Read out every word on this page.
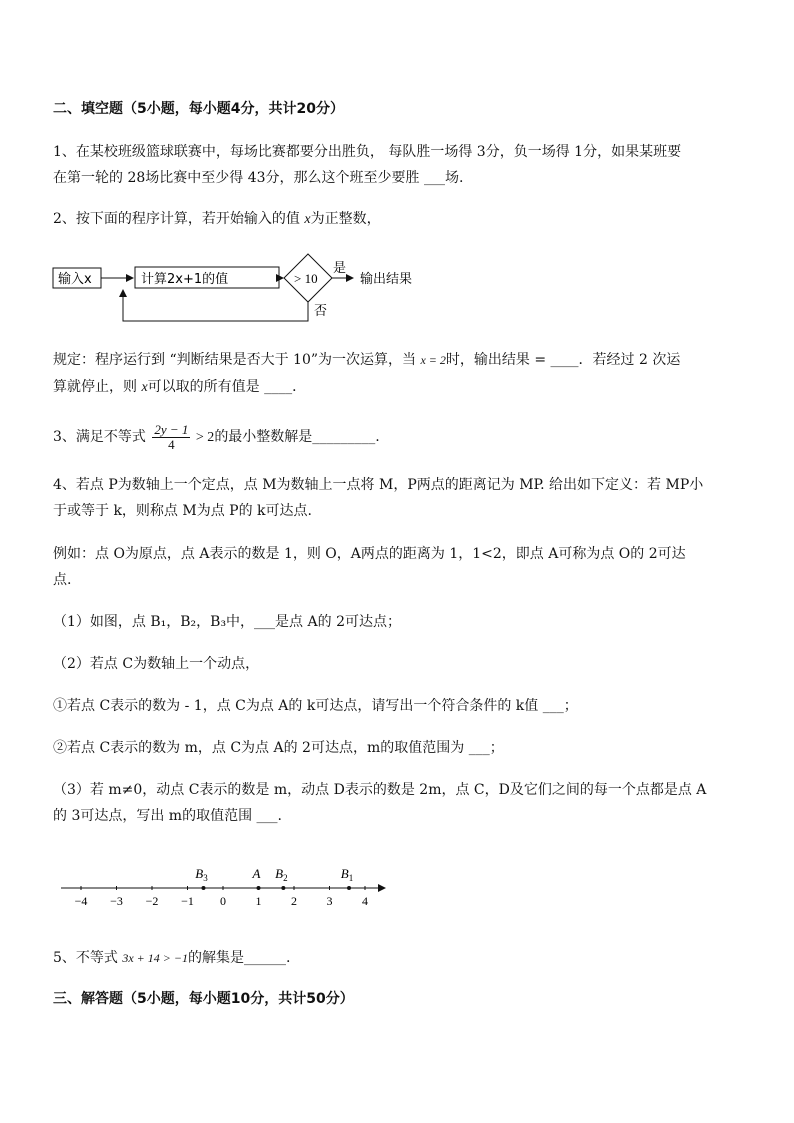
二、填空题（5小题，每小题4分，共计20分）
1、在某校班级篮球联赛中，每场比赛都要分出胜负， 每队胜一场得 3分，负一场得 1分，如果某班要
在第一轮的 28场比赛中至少得 43分，那么这个班至少要胜 ___场.
2、按下面的程序计算，若开始输入的值 x为正整数，
输入x	计算2x+1的值	> 10
是
输出结果
否
规定：程序运行到 “判断结果是否大于 10”为一次运算，当 x = 2时，输出结果 = ____．若经过 2 次运
算就停止，则 x可以取的所有值是 ____．
3、满足不等式 $\frac{2y - 1}{4} > 2$的最小整数解是_________.
4、若点 P为数轴上一个定点，点 M为数轴上一点将 M，P两点的距离记为 MP. 给出如下定义：若 MP小
于或等于 k，则称点 M为点 P的 k可达点.
例如：点 O为原点，点 A表示的数是 1，则 O，A两点的距离为 1，1<2，即点 A可称为点 O的 2可达
点.
（1）如图，点 B₁，B₂，B₃中，___是点 A的 2可达点；
（2）若点 C为数轴上一个动点，
①若点 C表示的数为 - 1，点 C为点 A的 k可达点，请写出一个符合条件的 k值 ___；
②若点 C表示的数为 m，点 C为点 A的 2可达点，m的取值范围为 ___；
（3）若 m≠0，动点 C表示的数是 m，动点 D表示的数是 2m，点 C，D及它们之间的每一个点都是点 A
的 3可达点，写出 m的取值范围 ___.
−4 −3 −2 −1 0 1 2 3 4
$B_3$	A $B_2$	$B_1$
5、不等式 3x + 14 > −1的解集是______.
三、解答题（5小题，每小题10分，共计50分）
